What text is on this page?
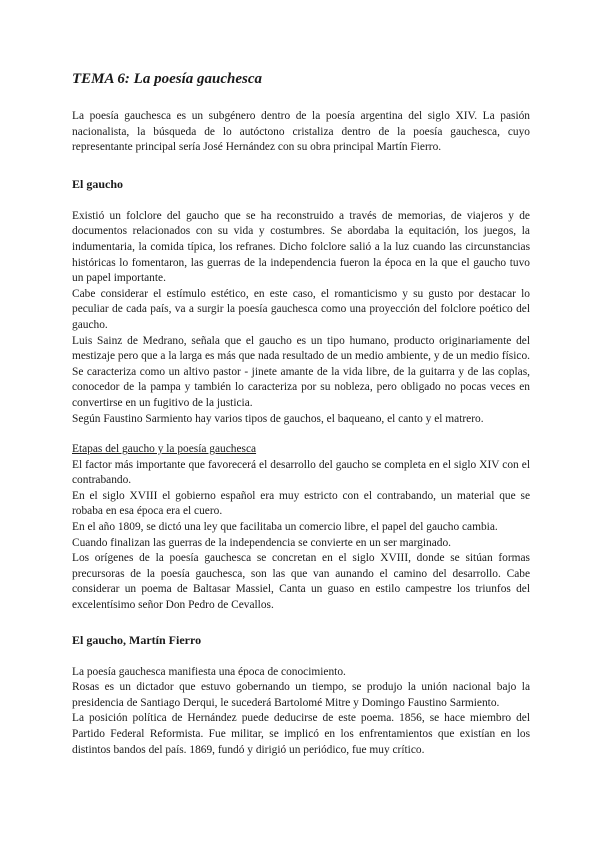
TEMA 6: La poesía gauchesca

La poesía gauchesca es un subgénero dentro de la poesía argentina del siglo XIV. La pasión nacionalista, la búsqueda de lo autóctono cristaliza dentro de la poesía gauchesca, cuyo representante principal sería José Hernández con su obra principal Martín Fierro.

El gaucho

Existió un folclore del gaucho que se ha reconstruido a través de memorias, de viajeros y de documentos relacionados con su vida y costumbres. Se abordaba la equitación, los juegos, la indumentaria, la comida típica, los refranes. Dicho folclore salió a la luz cuando las circunstancias históricas lo fomentaron, las guerras de la independencia fueron la época en la que el gaucho tuvo un papel importante.

Cabe considerar el estímulo estético, en este caso, el romanticismo y su gusto por destacar lo peculiar de cada país, va a surgir la poesía gauchesca como una proyección del folclore poético del gaucho.

Luis Sainz de Medrano, señala que el gaucho es un tipo humano, producto originariamente del mestizaje pero que a la larga es más que nada resultado de un medio ambiente, y de un medio físico. Se caracteriza como un altivo pastor - jinete amante de la vida libre, de la guitarra y de las coplas, conocedor de la pampa y también lo caracteriza por su nobleza, pero obligado no pocas veces en convertirse en un fugitivo de la justicia.

Según Faustino Sarmiento hay varios tipos de gauchos, el baqueano, el canto y el matrero.

Etapas del gaucho y la poesía gauchesca

El factor más importante que favorecerá el desarrollo del gaucho se completa en el siglo XIV con el contrabando.

En el siglo XVIII el gobierno español era muy estricto con el contrabando, un material que se robaba en esa época era el cuero.

En el año 1809, se dictó una ley que facilitaba un comercio libre, el papel del gaucho cambia.

Cuando finalizan las guerras de la independencia se convierte en un ser marginado.

Los orígenes de la poesía gauchesca se concretan en el siglo XVIII, donde se sitúan formas precursoras de la poesía gauchesca, son las que van aunando el camino del desarrollo. Cabe considerar un poema de Baltasar Massiel, Canta un guaso en estilo campestre los triunfos del excelentísimo señor Don Pedro de Cevallos.

El gaucho, Martín Fierro

La poesía gauchesca manifiesta una época de conocimiento.

Rosas es un dictador que estuvo gobernando un tiempo, se produjo la unión nacional bajo la presidencia de Santiago Derqui, le sucederá Bartolomé Mitre y Domingo Faustino Sarmiento.

La posición política de Hernández puede deducirse de este poema. 1856, se hace miembro del Partido Federal Reformista. Fue militar, se implicó en los enfrentamientos que existían en los distintos bandos del país. 1869, fundó y dirigió un periódico, fue muy crítico.
